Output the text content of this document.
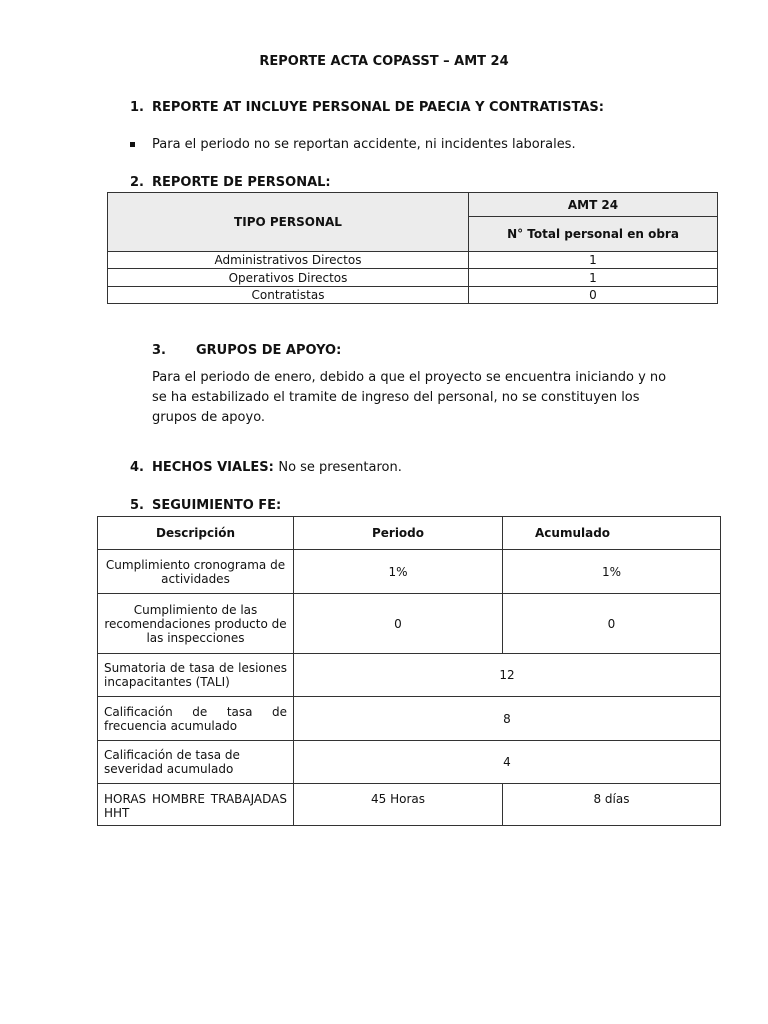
REPORTE ACTA COPASST – AMT 24
1. REPORTE AT INCLUYE PERSONAL DE PAECIA Y CONTRATISTAS:
Para el periodo no se reportan accidente, ni incidentes laborales.
2. REPORTE DE PERSONAL:
TIPO PERSONAL	AMT 24
	N° Total personal en obra
Administrativos Directos	1
Operativos Directos	1
Contratistas	0
3. GRUPOS DE APOYO:
Para el periodo de enero, debido a que el proyecto se encuentra iniciando y no se ha estabilizado el tramite de ingreso del personal, no se constituyen los grupos de apoyo.
4. HECHOS VIALES: No se presentaron.
5. SEGUIMIENTO FE:
Descripción	Periodo	Acumulado
Cumplimiento cronograma de actividades	1%	1%
Cumplimiento de las recomendaciones producto de las inspecciones	0	0
Sumatoria de tasa de lesiones incapacitantes (TALI)	12	
Calificación de tasa de frecuencia acumulado	8	
Calificación de tasa de severidad acumulado	4	
HORAS HOMBRE TRABAJADAS HHT	45 Horas	8 días
